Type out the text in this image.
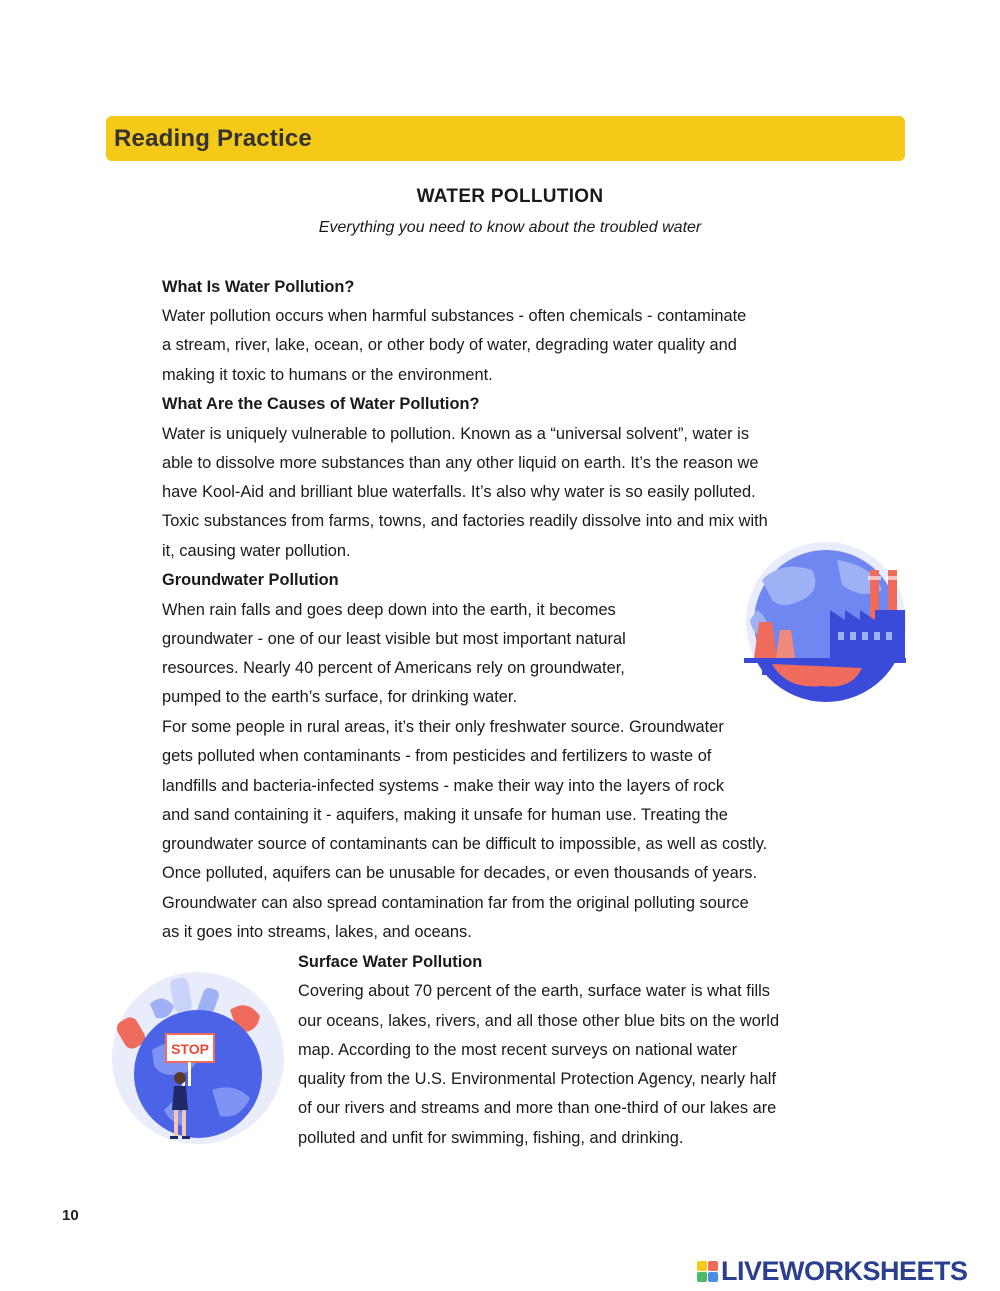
Reading Practice
WATER POLLUTION
Everything you need to know about the troubled water
What Is Water Pollution?
Water pollution occurs when harmful substances - often chemicals - contaminate
a stream, river, lake, ocean, or other body of water, degrading water quality and
making it toxic to humans or the environment.
What Are the Causes of Water Pollution?
Water is uniquely vulnerable to pollution. Known as a “universal solvent”, water is
able to dissolve more substances than any other liquid on earth. It’s the reason we
have Kool-Aid and brilliant blue waterfalls. It’s also why water is so easily polluted.
Toxic substances from farms, towns, and factories readily dissolve into and mix with
it, causing water pollution.
Groundwater Pollution
When rain falls and goes deep down into the earth, it becomes
groundwater - one of our least visible but most important natural
resources. Nearly 40 percent of Americans rely on groundwater,
pumped to the earth’s surface, for drinking water.
For some people in rural areas, it’s their only freshwater source. Groundwater
gets polluted when contaminants - from pesticides and fertilizers to waste of
landfills and bacteria-infected systems - make their way into the layers of rock
and sand containing it - aquifers, making it unsafe for human use. Treating the
groundwater source of contaminants can be difficult to impossible, as well as costly.
Once polluted, aquifers can be unusable for decades, or even thousands of years.
Groundwater can also spread contamination far from the original polluting source
as it goes into streams, lakes, and oceans.
Surface Water Pollution
Covering about 70 percent of the earth, surface water is what fills
our oceans, lakes, rivers, and all those other blue bits on the world
map. According to the most recent surveys on national water
quality from the U.S. Environmental Protection Agency, nearly half
of our rivers and streams and more than one-third of our lakes are
polluted and unfit for swimming, fishing, and drinking.
STOP
10
LIVEWORKSHEETS
